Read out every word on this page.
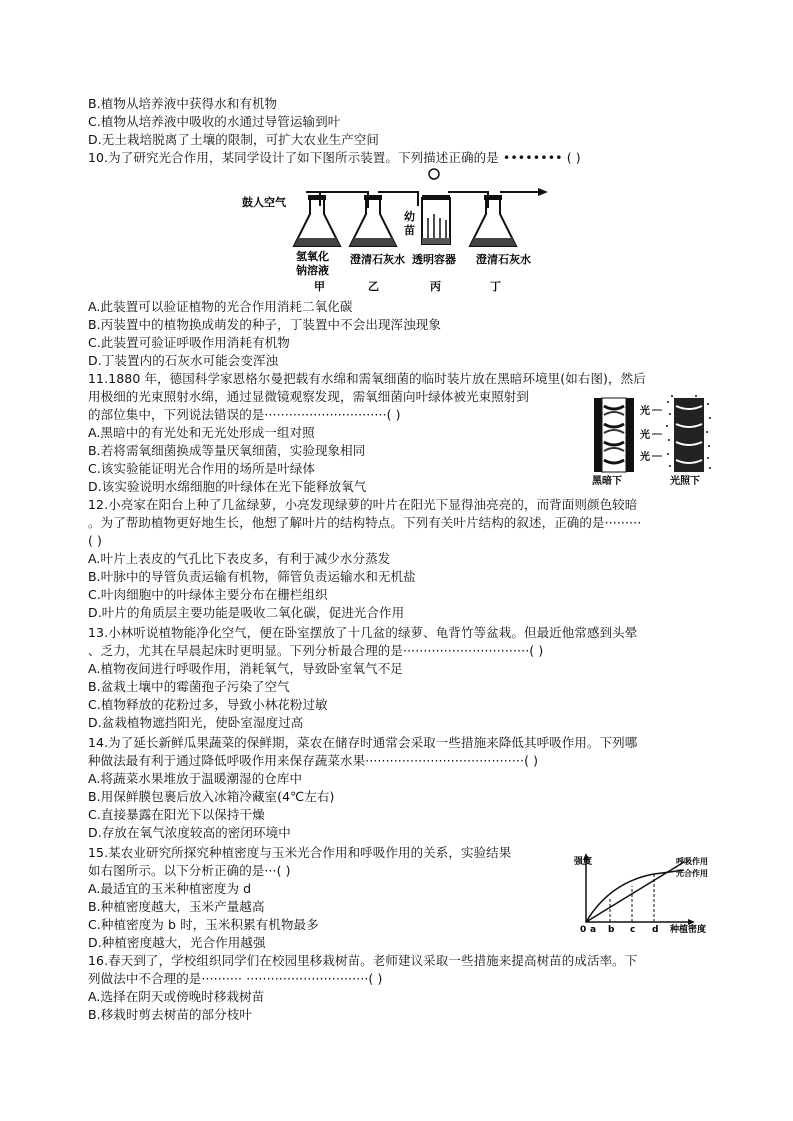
B.植物从培养液中获得水和有机物
C.植物从培养液中吸收的水通过导管运输到叶
D.无土栽培脱离了土壤的限制，可扩大农业生产空间
10.为了研究光合作用，某同学设计了如下图所示装置。下列描述正确的是 •••••••• ( )
鼓人空气
氢氧化
钠溶液
澄清石灰水
幼
苗
透明容器 澄清石灰水
甲	乙	丙	丁
A.此装置可以验证植物的光合作用消耗二氧化碳
B.丙装置中的植物换成萌发的种子，丁装置中不会出现浑浊现象
C.此装置可验证呼吸作用消耗有机物
D.丁装置内的石灰水可能会变浑浊
11.1880 年，德国科学家恩格尔曼把载有水绵和需氧细菌的临时装片放在黑暗环境里(如右图)，然后
用极细的光束照射水绵，通过显微镜观察发现，需氧细菌向叶绿体被光束照射到
的部位集中，下列说法错误的是······························( )
A.黑暗中的有光处和无光处形成一组对照
B.若将需氧细菌换成等量厌氧细菌，实验现象相同
C.该实验能证明光合作用的场所是叶绿体
D.该实验说明水绵细胞的叶绿体在光下能释放氧气
光
光
光
黑暗下	光照下
12.小亮家在阳台上种了几盆绿萝，小亮发现绿萝的叶片在阳光下显得油亮亮的，而背面则颜色较暗
。为了帮助植物更好地生长，他想了解叶片的结构特点。下列有关叶片结构的叙述，正确的是·········
( )
A.叶片上表皮的气孔比下表皮多，有利于减少水分蒸发
B.叶脉中的导管负责运输有机物，筛管负责运输水和无机盐
C.叶肉细胞中的叶绿体主要分布在栅栏组织
D.叶片的角质层主要功能是吸收二氧化碳，促进光合作用
13.小林听说植物能净化空气，便在卧室摆放了十几盆的绿萝、龟背竹等盆栽。但最近他常感到头晕
、乏力，尤其在早晨起床时更明显。下列分析最合理的是·······························( )
A.植物夜间进行呼吸作用，消耗氧气，导致卧室氧气不足
B.盆栽土壤中的霉菌孢子污染了空气
C.植物释放的花粉过多，导致小林花粉过敏
D.盆栽植物遮挡阳光，使卧室湿度过高
14.为了延长新鲜瓜果蔬菜的保鲜期，菜农在储存时通常会采取一些措施来降低其呼吸作用。下列哪
种做法最有利于通过降低呼吸作用来保存蔬菜水果·······································( )
A.将蔬菜水果堆放于温暖潮湿的仓库中
B.用保鲜膜包裹后放入冰箱冷藏室(4℃左右)
C.直接暴露在阳光下以保持干燥
D.存放在氧气浓度较高的密闭环境中
15.某农业研究所探究种植密度与玉米光合作用和呼吸作用的关系，实验结果
如右图所示。以下分析正确的是···( )
A.最适宜的玉米种植密度为 d
B.种植密度越大，玉米产量越高
C.种植密度为 b 时，玉米积累有机物最多
D.种植密度越大，光合作用越强
强度	呼吸作用
光合作用
0 a b c d 种植密度
16.春天到了，学校组织同学们在校园里移栽树苗。老师建议采取一些措施来提高树苗的成活率。下
列做法中不合理的是·········· ······························( )
A.选择在阴天或傍晚时移栽树苗
B.移栽时剪去树苗的部分枝叶
